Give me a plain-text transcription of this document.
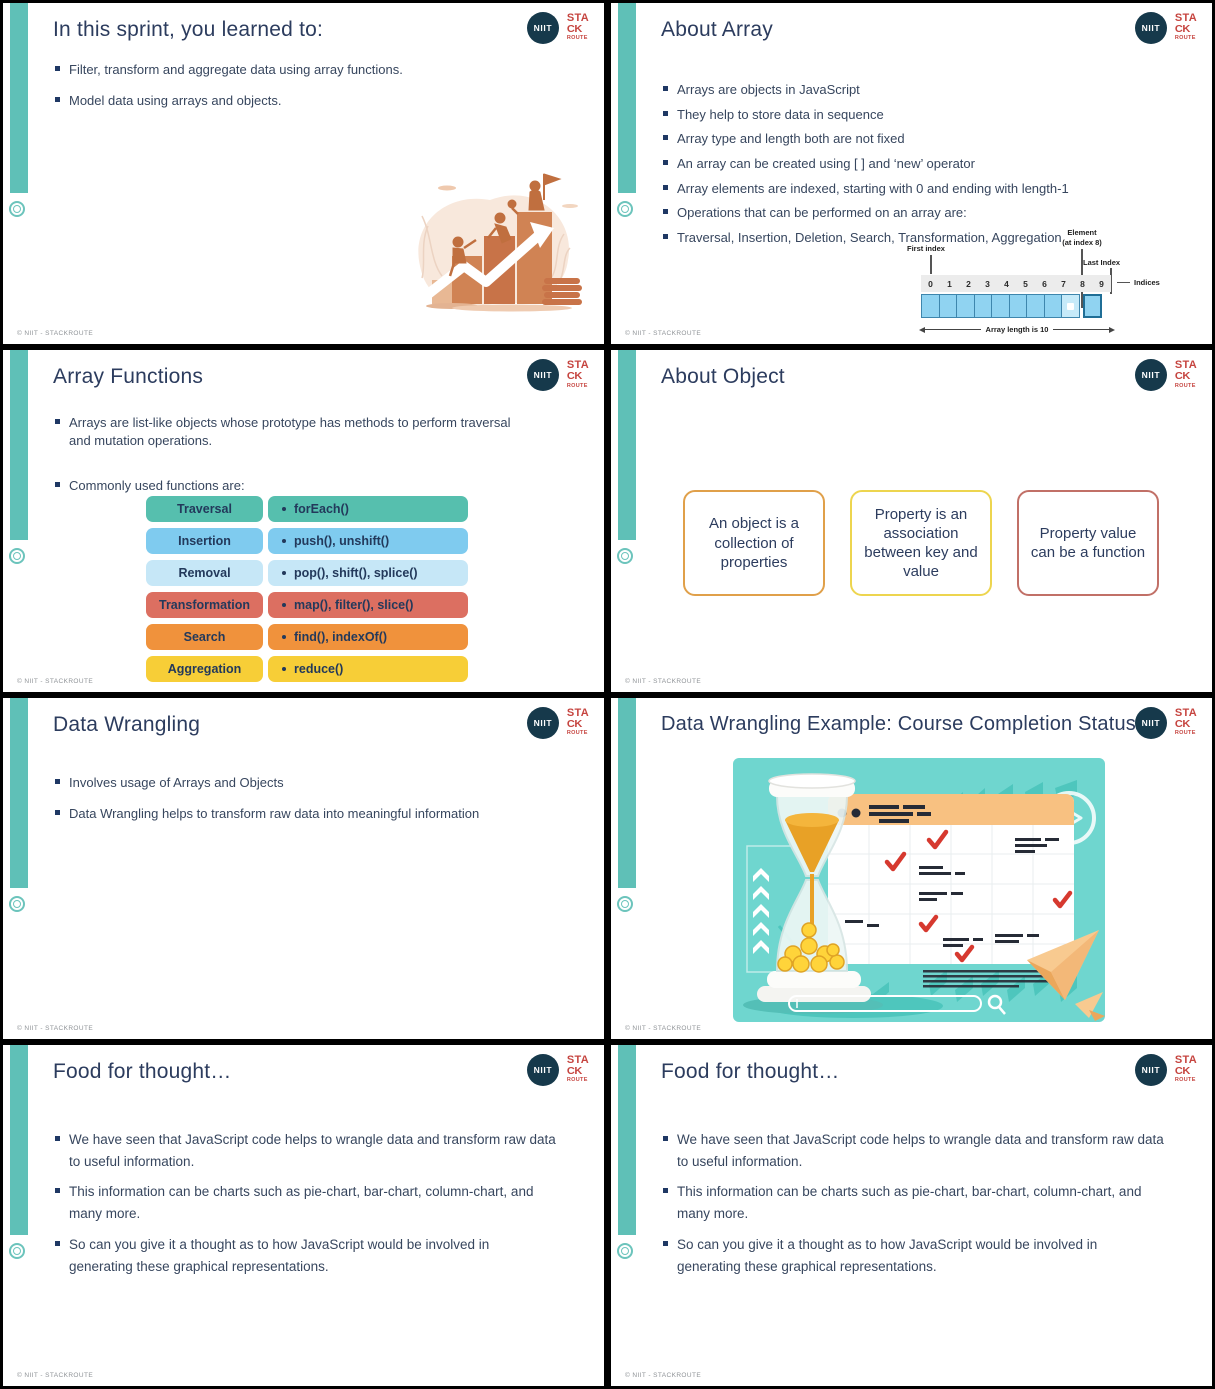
NIIT
STA
CK
ROUTE
In this sprint, you learned to:
Filter, transform and aggregate data using array functions.
Model data using arrays and objects.
© NIIT - STACKROUTE
NIIT
STA
CK
ROUTE
About Array
Arrays are objects in JavaScript
They help to store data in sequence
Array type and length both are not fixed
An array can be created using [ ] and ‘new’ operator
Array elements are indexed, starting with 0 and ending with length-1
Operations that can be performed on an array are:
Traversal, Insertion, Deletion, Search, Transformation, Aggregation
First index
Element
(at index 8)
Last Index
0	1	2	3	4	5	6	7	8	9	Indices
Array length is 10
© NIIT - STACKROUTE
NIIT
STA
CK
ROUTE
Array Functions
Arrays are list-like objects whose prototype has methods to perform traversal and mutation operations.
Commonly used functions are:
Traversal	forEach()
Insertion	push(), unshift()
Removal	pop(), shift(), splice()
Transformation	map(), filter(), slice()
Search	find(), indexOf()
Aggregation	reduce()
© NIIT - STACKROUTE
NIIT
STA
CK
ROUTE
About Object
An object is a collection of properties
Property is an association between key and value
Property value can be a function
© NIIT - STACKROUTE
NIIT
STA
CK
ROUTE
Data Wrangling
Involves usage of Arrays and Objects
Data Wrangling helps to transform raw data into meaningful information
© NIIT - STACKROUTE
NIIT
STA
CK
ROUTE
Data Wrangling Example: Course Completion Status
© NIIT - STACKROUTE
NIIT
STA
CK
ROUTE
Food for thought…
We have seen that JavaScript code helps to wrangle data and transform raw data to useful information.
This information can be charts such as pie-chart, bar-chart, column-chart, and many more.
So can you give it a thought as to how JavaScript would be involved in generating these graphical representations.
© NIIT - STACKROUTE
NIIT
STA
CK
ROUTE
Food for thought…
We have seen that JavaScript code helps to wrangle data and transform raw data to useful information.
This information can be charts such as pie-chart, bar-chart, column-chart, and many more.
So can you give it a thought as to how JavaScript would be involved in generating these graphical representations.
© NIIT - STACKROUTE
